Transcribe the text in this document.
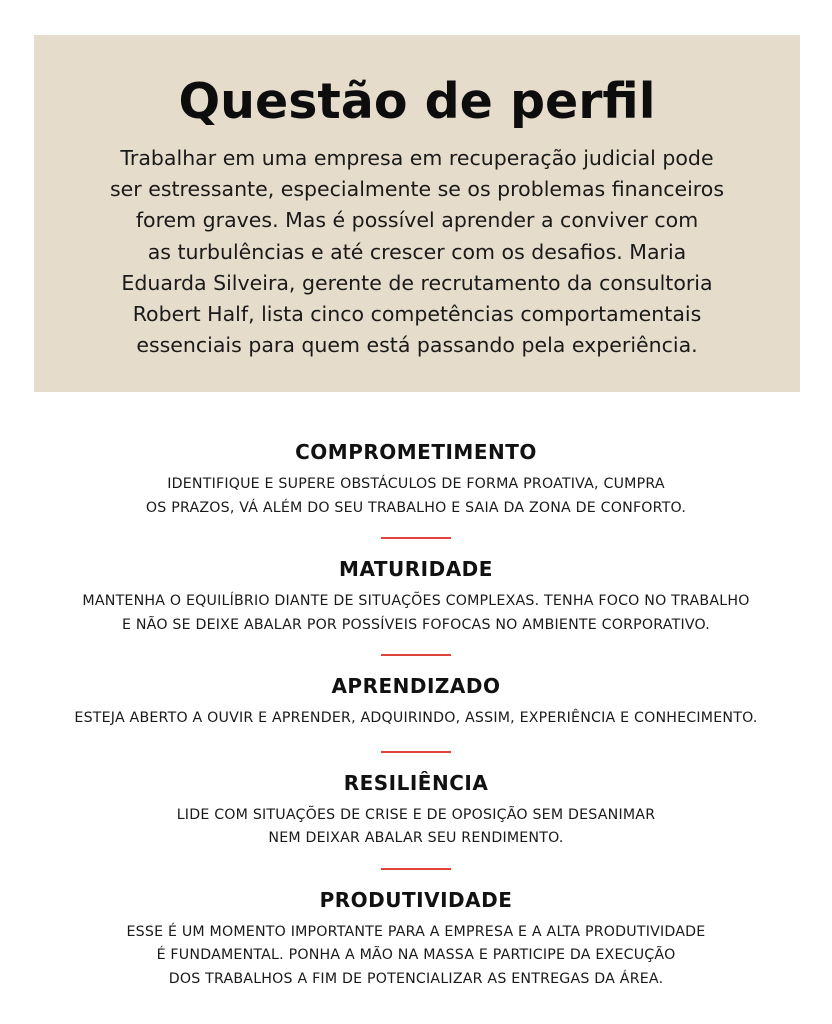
Questão de perfil

Trabalhar em uma empresa em recuperação judicial pode
ser estressante, especialmente se os problemas financeiros
forem graves. Mas é possível aprender a conviver com
as turbulências e até crescer com os desafios. Maria
Eduarda Silveira, gerente de recrutamento da consultoria
Robert Half, lista cinco competências comportamentais
essenciais para quem está passando pela experiência.

COMPROMETIMENTO

IDENTIFIQUE E SUPERE OBSTÁCULOS DE FORMA PROATIVA, CUMPRA
OS PRAZOS, VÁ ALÉM DO SEU TRABALHO E SAIA DA ZONA DE CONFORTO.

MATURIDADE

MANTENHA O EQUILÍBRIO DIANTE DE SITUAÇÕES COMPLEXAS. TENHA FOCO NO TRABALHO
E NÃO SE DEIXE ABALAR POR POSSÍVEIS FOFOCAS NO AMBIENTE CORPORATIVO.

APRENDIZADO

ESTEJA ABERTO A OUVIR E APRENDER, ADQUIRINDO, ASSIM, EXPERIÊNCIA E CONHECIMENTO.

RESILIÊNCIA

LIDE COM SITUAÇÕES DE CRISE E DE OPOSIÇÃO SEM DESANIMAR
NEM DEIXAR ABALAR SEU RENDIMENTO.

PRODUTIVIDADE

ESSE É UM MOMENTO IMPORTANTE PARA A EMPRESA E A ALTA PRODUTIVIDADE
É FUNDAMENTAL. PONHA A MÃO NA MASSA E PARTICIPE DA EXECUÇÃO
DOS TRABALHOS A FIM DE POTENCIALIZAR AS ENTREGAS DA ÁREA.
